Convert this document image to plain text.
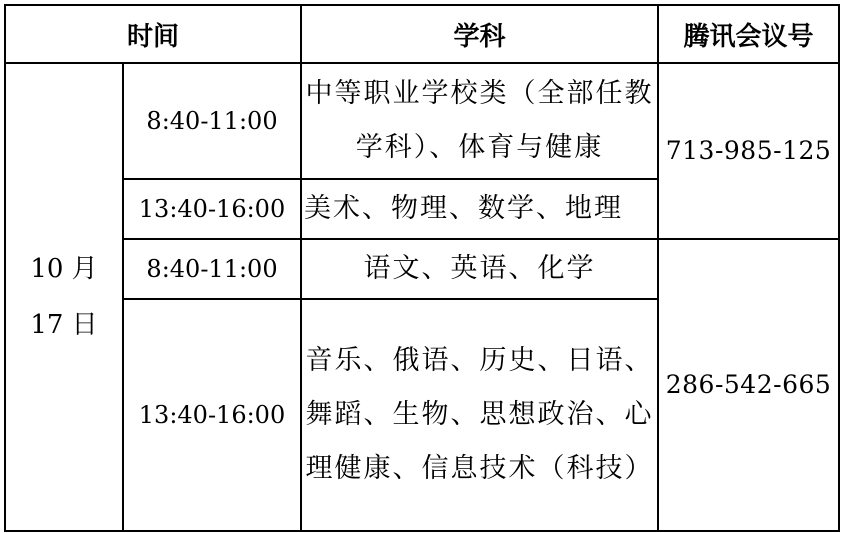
时间		学科	腾讯会议号

10 月
17 日	8:40-11:00	中等职业学校类（全部任教学科）、体育与健康	713-985-125
	13:40-16:00	美术、物理、数学、地理	
	8:40-11:00	语文、英语、化学	286-542-665
	13:40-16:00	音乐、俄语、历史、日语、舞蹈、生物、思想政治、心理健康、信息技术（科技）	
